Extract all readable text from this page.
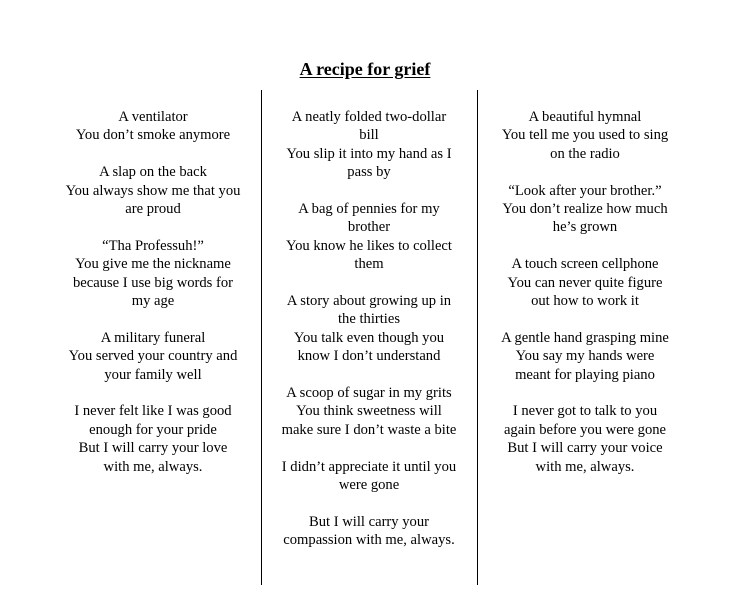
A recipe for grief
A ventilator
You don’t smoke anymore
A slap on the back
You always show me that you
are proud
“Tha Professuh!”
You give me the nickname
because I use big words for
my age
A military funeral
You served your country and
your family well
I never felt like I was good
enough for your pride
But I will carry your love
with me, always.
A neatly folded two-dollar
bill
You slip it into my hand as I
pass by
A bag of pennies for my
brother
You know he likes to collect
them
A story about growing up in
the thirties
You talk even though you
know I don’t understand
A scoop of sugar in my grits
You think sweetness will
make sure I don’t waste a bite
I didn’t appreciate it until you
were gone
But I will carry your
compassion with me, always.
A beautiful hymnal
You tell me you used to sing
on the radio
“Look after your brother.”
You don’t realize how much
he’s grown
A touch screen cellphone
You can never quite figure
out how to work it
A gentle hand grasping mine
You say my hands were
meant for playing piano
I never got to talk to you
again before you were gone
But I will carry your voice
with me, always.
